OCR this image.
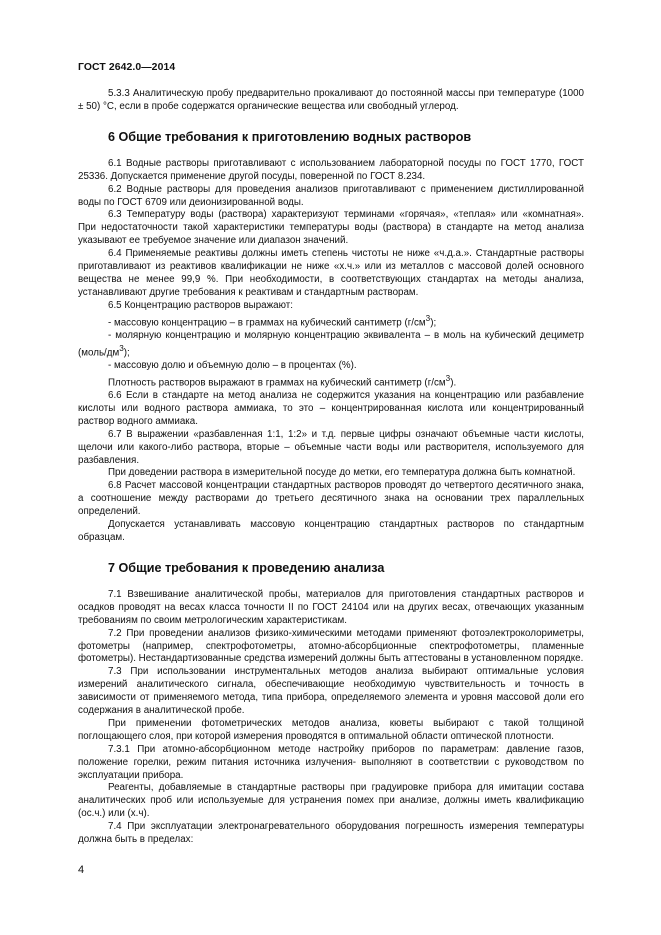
ГОСТ 2642.0—2014

5.3.3 Аналитическую пробу предварительно прокаливают до постоянной массы при температуре (1000 ± 50) °С, если в пробе содержатся органические вещества или свободный углерод.

6 Общие требования к приготовлению водных растворов

6.1 Водные растворы приготавливают с использованием лабораторной посуды по ГОСТ 1770, ГОСТ 25336. Допускается применение другой посуды, поверенной по ГОСТ 8.234.

6.2 Водные растворы для проведения анализов приготавливают с применением дистиллированной воды по ГОСТ 6709 или деионизированной воды.

6.3 Температуру воды (раствора) характеризуют терминами «горячая», «теплая» или «комнатная». При недостаточности такой характеристики температуры воды (раствора) в стандарте на метод анализа указывают ее требуемое значение или диапазон значений.

6.4 Применяемые реактивы должны иметь степень чистоты не ниже «ч.д.а.». Стандартные растворы приготавливают из реактивов квалификации не ниже «х.ч.» или из металлов с массовой долей основного вещества не менее 99,9 %. При необходимости, в соответствующих стандартах на методы анализа, устанавливают другие требования к реактивам и стандартным растворам.

6.5 Концентрацию растворов выражают:

- массовую концентрацию – в граммах на кубический сантиметр $(г/см^3)$;

- молярную концентрацию и молярную концентрацию эквивалента – в моль на кубический дециметр $(моль/дм^3)$;

- массовую долю и объемную долю – в процентах (%).

Плотность растворов выражают в граммах на кубический сантиметр $(г/см^3)$.

6.6 Если в стандарте на метод анализа не содержится указания на концентрацию или разбавление кислоты или водного раствора аммиака, то это – концентрированная кислота или концентрированный раствор водного аммиака.

6.7 В выражении «разбавленная 1:1, 1:2» и т.д. первые цифры означают объемные части кислоты, щелочи или какого-либо раствора, вторые – объемные части воды или растворителя, используемого для разбавления.

При доведении раствора в измерительной посуде до метки, его температура должна быть комнатной.

6.8 Расчет массовой концентрации стандартных растворов проводят до четвертого десятичного знака, а соотношение между растворами до третьего десятичного знака на основании трех параллельных определений.

Допускается устанавливать массовую концентрацию стандартных растворов по стандартным образцам.

7 Общие требования к проведению анализа

7.1 Взвешивание аналитической пробы, материалов для приготовления стандартных растворов и осадков проводят на весах класса точности II по ГОСТ 24104 или на других весах, отвечающих указанным требованиям по своим метрологическим характеристикам.

7.2 При проведении анализов физико-химическими методами применяют фотоэлектроколориметры, фотометры (например, спектрофотометры, атомно-абсорбционные спектрофотометры, пламенные фотометры). Нестандартизованные средства измерений должны быть аттестованы в установленном порядке.

7.3 При использовании инструментальных методов анализа выбирают оптимальные условия измерений аналитического сигнала, обеспечивающие необходимую чувствительность и точность в зависимости от применяемого метода, типа прибора, определяемого элемента и уровня массовой доли его содержания в аналитической пробе.

При применении фотометрических методов анализа, кюветы выбирают с такой толщиной поглощающего слоя, при которой измерения проводятся в оптимальной области оптической плотности.

7.3.1 При атомно-абсорбционном методе настройку приборов по параметрам: давление газов, положение горелки, режим питания источника излучения- выполняют в соответствии с руководством по эксплуатации прибора.

Реагенты, добавляемые в стандартные растворы при градуировке прибора для имитации состава аналитических проб или используемые для устранения помех при анализе, должны иметь квалификацию (ос.ч.) или (х.ч).

7.4 При эксплуатации электронагревательного оборудования погрешность измерения температуры должна быть в пределах:

4
